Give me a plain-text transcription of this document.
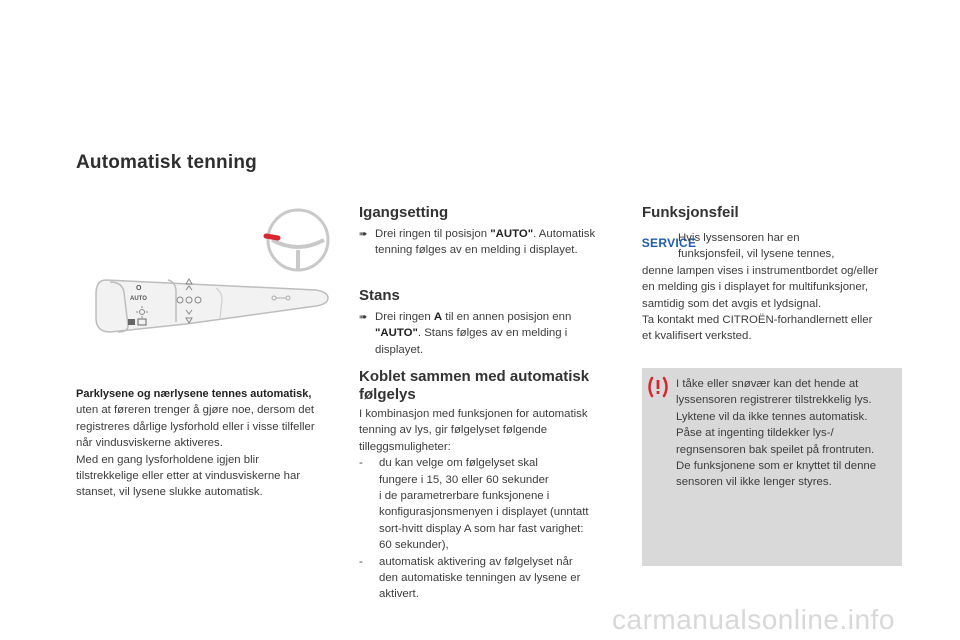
Automatisk tenning
O
AUTO
Parklysene og nærlysene tennes automatisk,
uten at føreren trenger å gjøre noe, dersom det
registreres dårlige lysforhold eller i visse tilfeller
når vindusviskerne aktiveres.
Med en gang lysforholdene igjen blir
tilstrekkelige eller etter at vindusviskerne har
stanset, vil lysene slukke automatisk.
Igangsetting
➠ Drei ringen til posisjon "AUTO". Automatisk
tenning følges av en melding i displayet.
Stans
➠ Drei ringen A til en annen posisjon enn
"AUTO". Stans følges av en melding i
displayet.
Koblet sammen med automatisk
følgelys
I kombinasjon med funksjonen for automatisk
tenning av lys, gir følgelyset følgende
tilleggsmuligheter:
-	du kan velge om følgelyset skal
fungere i 15, 30 eller 60 sekunder
i de parametrerbare funksjonene i
konfigurasjonsmenyen i displayet (unntatt
sort-hvitt display A som har fast varighet:
60 sekunder),
-	automatisk aktivering av følgelyset når
den automatiske tenningen av lysene er
aktivert.
Funksjonsfeil
SERVICE
Hvis lyssensoren har en
funksjonsfeil, vil lysene tennes,
denne lampen vises i instrumentbordet og/eller
en melding gis i displayet for multifunksjoner,
samtidig som det avgis et lydsignal.
Ta kontakt med CITROËN-forhandlernett eller
et kvalifisert verksted.
I tåke eller snøvær kan det hende at
lyssensoren registrerer tilstrekkelig lys.
Lyktene vil da ikke tennes automatisk.
Påse at ingenting tildekker lys-/
regnsensoren bak speilet på frontruten.
De funksjonene som er knyttet til denne
sensoren vil ikke lenger styres.
carmanualsonline.info
